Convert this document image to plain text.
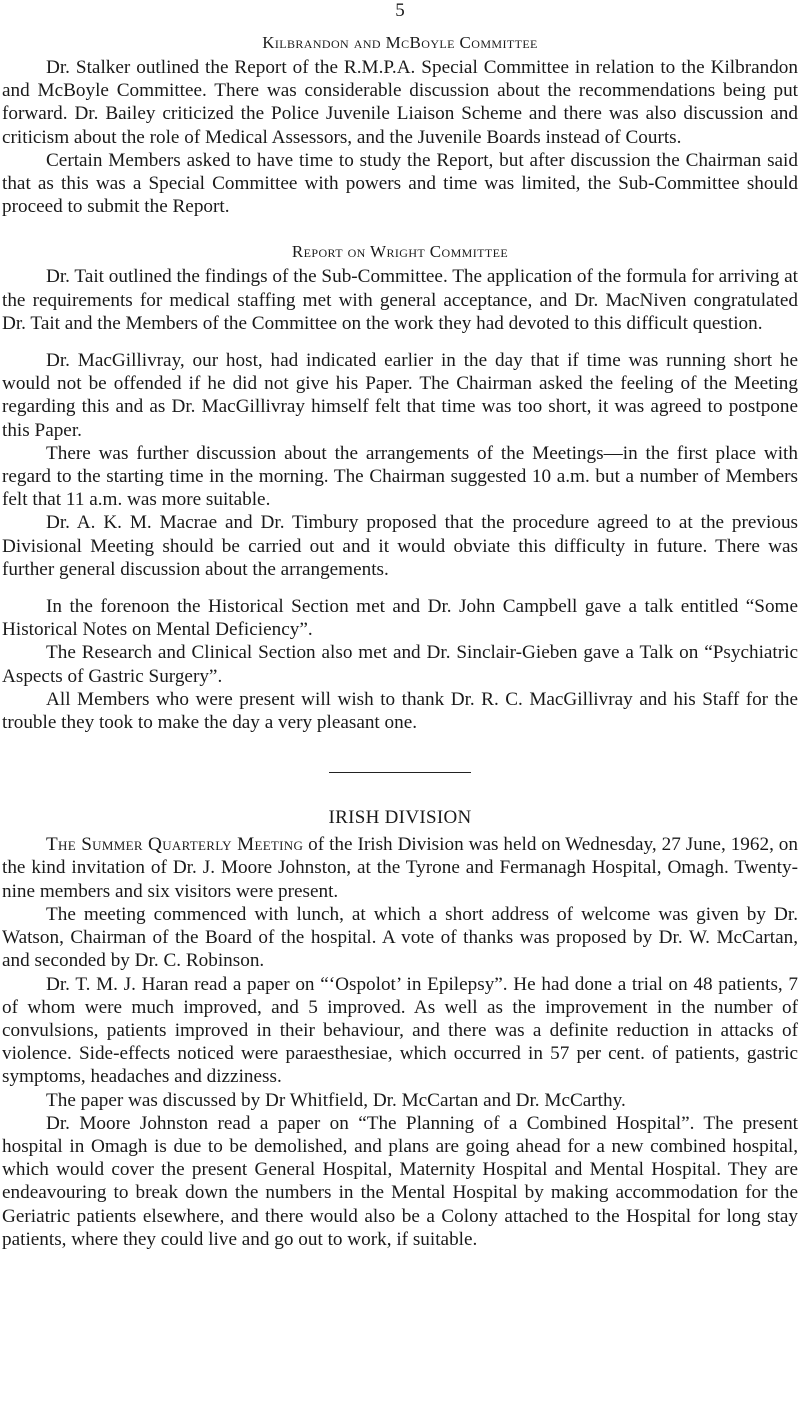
5
Kilbrandon and McBoyle Committee

Dr. Stalker outlined the Report of the R.M.P.A. Special Committee in relation to the Kilbrandon and McBoyle Committee. There was considerable discussion about the recommendations being put forward. Dr. Bailey criticized the Police Juvenile Liaison Scheme and there was also discussion and criticism about the role of Medical Assessors, and the Juvenile Boards instead of Courts.

Certain Members asked to have time to study the Report, but after discussion the Chairman said that as this was a Special Committee with powers and time was limited, the Sub-Committee should proceed to submit the Report.

Report on Wright Committee

Dr. Tait outlined the findings of the Sub-Committee. The application of the formula for arriving at the requirements for medical staffing met with general acceptance, and Dr. MacNiven congratulated Dr. Tait and the Members of the Committee on the work they had devoted to this difficult question.

Dr. MacGillivray, our host, had indicated earlier in the day that if time was running short he would not be offended if he did not give his Paper. The Chairman asked the feeling of the Meeting regarding this and as Dr. MacGillivray himself felt that time was too short, it was agreed to postpone this Paper.

There was further discussion about the arrangements of the Meetings—in the first place with regard to the starting time in the morning. The Chairman suggested 10 a.m. but a number of Members felt that 11 a.m. was more suitable.

Dr. A. K. M. Macrae and Dr. Timbury proposed that the procedure agreed to at the previous Divisional Meeting should be carried out and it would obviate this difficulty in future. There was further general discussion about the arrangements.

In the forenoon the Historical Section met and Dr. John Campbell gave a talk entitled “Some Historical Notes on Mental Deficiency”.

The Research and Clinical Section also met and Dr. Sinclair-Gieben gave a Talk on “Psychiatric Aspects of Gastric Surgery”.

All Members who were present will wish to thank Dr. R. C. MacGillivray and his Staff for the trouble they took to make the day a very pleasant one.

IRISH DIVISION

The Summer Quarterly Meeting of the Irish Division was held on Wednesday, 27 June, 1962, on the kind invitation of Dr. J. Moore Johnston, at the Tyrone and Fermanagh Hospital, Omagh. Twenty-nine members and six visitors were present.

The meeting commenced with lunch, at which a short address of welcome was given by Dr. Watson, Chairman of the Board of the hospital. A vote of thanks was proposed by Dr. W. McCartan, and seconded by Dr. C. Robinson.

Dr. T. M. J. Haran read a paper on “‘Ospolot’ in Epilepsy”. He had done a trial on 48 patients, 7 of whom were much improved, and 5 improved. As well as the improvement in the number of convulsions, patients improved in their behaviour, and there was a definite reduction in attacks of violence. Side-effects noticed were paraesthesiae, which occurred in 57 per cent. of patients, gastric symptoms, headaches and dizziness.

The paper was discussed by Dr Whitfield, Dr. McCartan and Dr. McCarthy.

Dr. Moore Johnston read a paper on “The Planning of a Combined Hospital”. The present hospital in Omagh is due to be demolished, and plans are going ahead for a new combined hospital, which would cover the present General Hospital, Maternity Hospital and Mental Hospital. They are endeavouring to break down the numbers in the Mental Hospital by making accommodation for the Geriatric patients elsewhere, and there would also be a Colony attached to the Hospital for long stay patients, where they could live and go out to work, if suitable.
